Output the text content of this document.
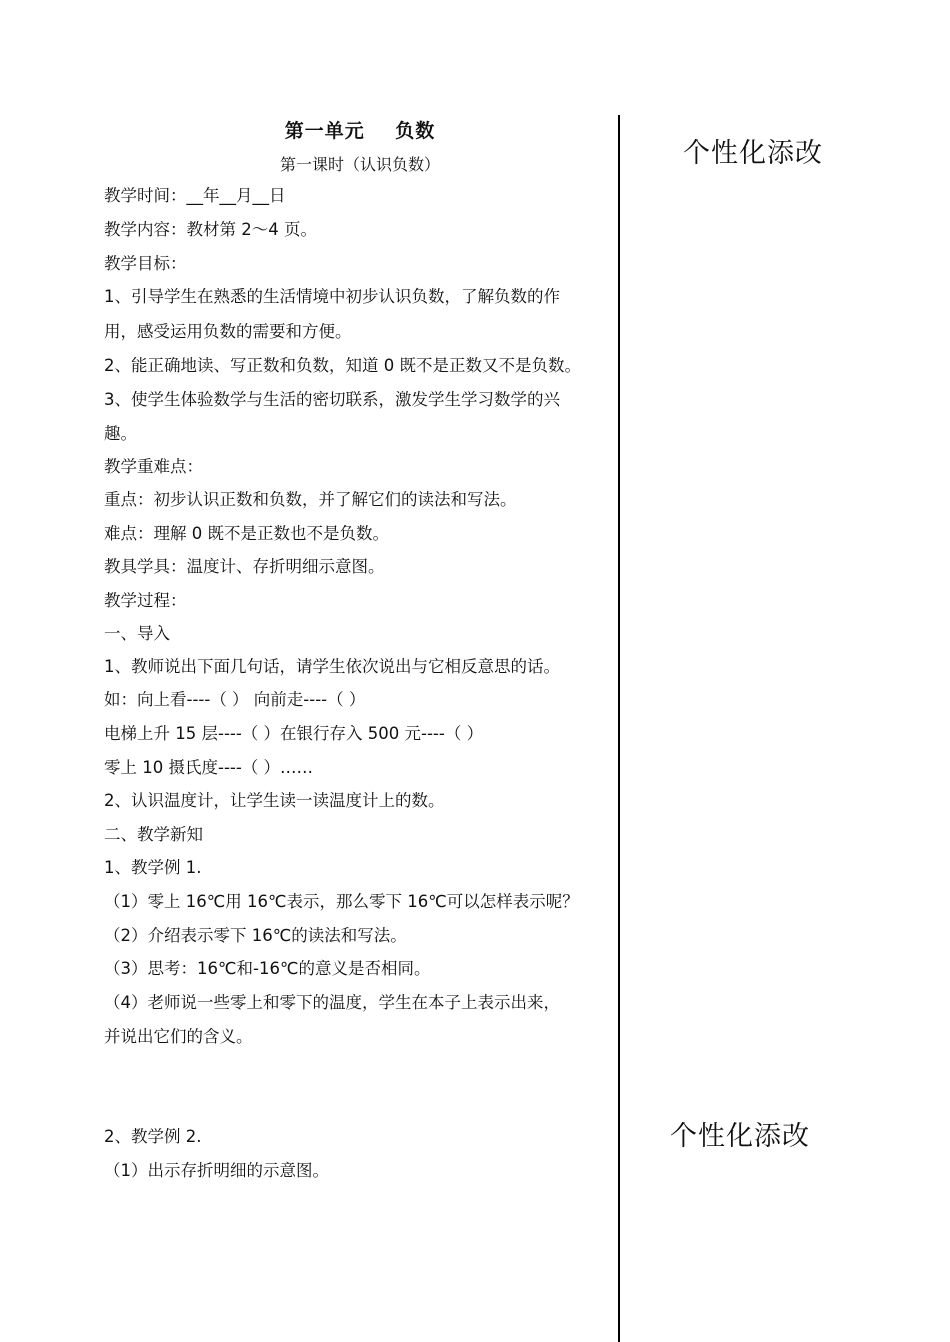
第一单元    负数
第一课时（认识负数）
教学时间：__年__月__日
教学内容：教材第 2～4 页。
教学目标：
1、引导学生在熟悉的生活情境中初步认识负数，了解负数的作
用，感受运用负数的需要和方便。
2、能正确地读、写正数和负数，知道 0 既不是正数又不是负数。
3、使学生体验数学与生活的密切联系，激发学生学习数学的兴
趣。
教学重难点：
重点：初步认识正数和负数，并了解它们的读法和写法。
难点：理解 0 既不是正数也不是负数。
教具学具：温度计、存折明细示意图。
教学过程：
一、导入
1、教师说出下面几句话，请学生依次说出与它相反意思的话。
如：向上看----（ ） 向前走----（ ）
电梯上升 15 层----（ ）在银行存入 500 元----（ ）
零上 10 摄氏度----（ ）……
2、认识温度计，让学生读一读温度计上的数。
二、教学新知
1、教学例 1.
（1）零上 16℃用 16℃表示，那么零下 16℃可以怎样表示呢？
（2）介绍表示零下 16℃的读法和写法。
（3）思考：16℃和-16℃的意义是否相同。
（4）老师说一些零上和零下的温度，学生在本子上表示出来，
并说出它们的含义。
2、教学例 2.
（1）出示存折明细的示意图。
个性化添改
个性化添改
